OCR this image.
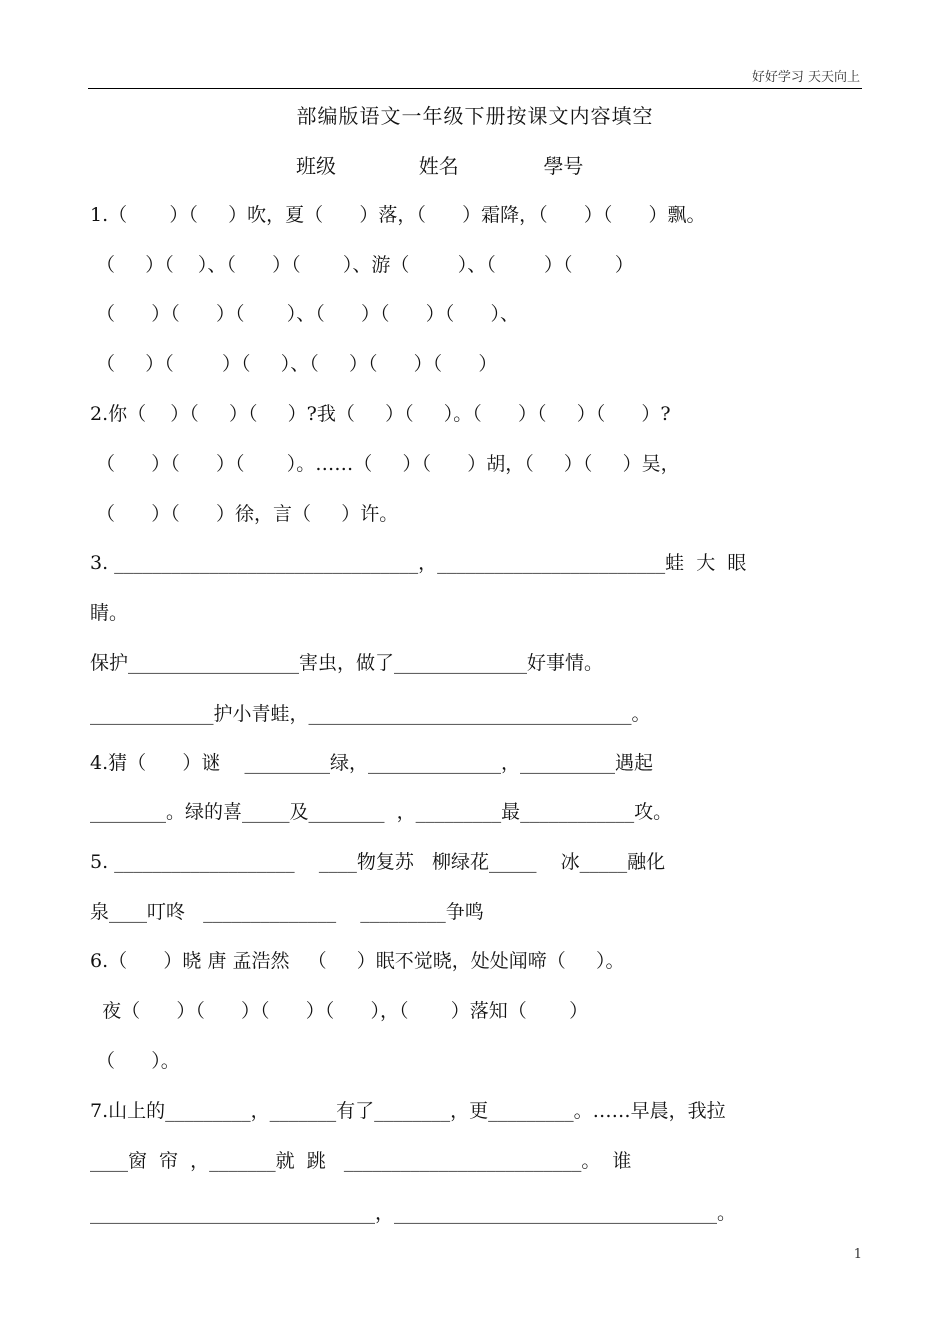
好好学习 天天向上
部编版语文一年级下册按课文内容填空
班级	姓名	學号
1.（       ）（     ）吹，夏（      ）落，（      ）霜降，（      ）（      ）飘。
（     ）（    ）、（      ）（       ）、游（        ）、（        ）（       ）
（      ）（      ）（       ）、（      ）（      ）（      ）、
（     ）（        ）（     ）、（     ）（      ）（      ）
2.你（    ）（     ）（     ）?我（     ）（     ）。（      ）（     ）（      ）?
（      ）（      ）（       ）。……（     ）（      ）胡，（     ）（     ）吴，
（      ）（      ）徐，言（     ）许。
3. ________________________________，________________________蛙  大  眼
睛。
保护__________________害虫，做了______________好事情。
_____________护小青蛙，__________________________________。
4.猜（      ）谜    _________绿，______________，__________遇起
________。绿的喜_____及________  ，_________最____________攻。
5. ___________________    ____物复苏   柳绿花_____    冰_____融化
泉____叮咚   ______________    _________争鸣
6.（      ）晓 唐 孟浩然   （     ）眠不觉晓，处处闻啼（     ）。
夜（      ）（      ）（      ）（      ），（       ）落知（       ）
（      ）。
7.山上的_________，_______有了________，更_________。……早晨，我拉
____窗  帘  ，_______就  跳   _________________________。  谁
______________________________，__________________________________。
1
